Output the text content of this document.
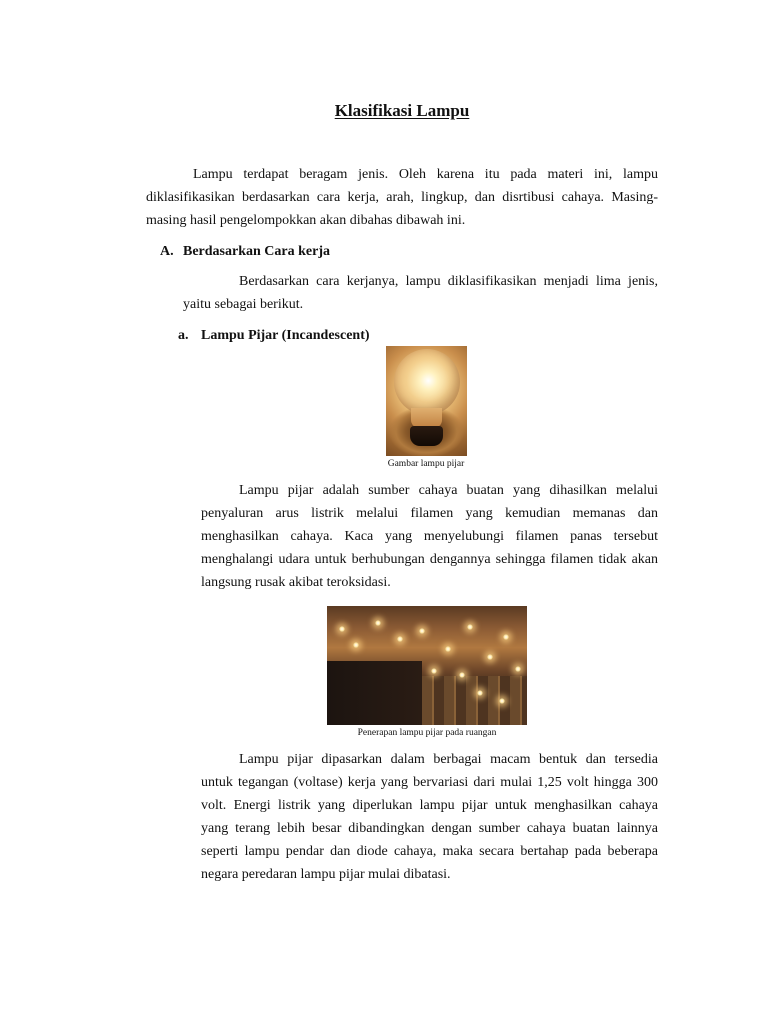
Klasifikasi Lampu
Lampu terdapat beragam jenis. Oleh karena itu pada materi ini, lampu
diklasifikasikan berdasarkan cara kerja, arah, lingkup, dan disrtibusi cahaya. Masing-
masing hasil pengelompokkan akan dibahas dibawah ini.
A. Berdasarkan Cara kerja
Berdasarkan cara kerjanya, lampu diklasifikasikan menjadi lima jenis,
yaitu sebagai berikut.
a. Lampu Pijar (Incandescent)
Gambar lampu pijar
Lampu pijar adalah sumber cahaya buatan yang dihasilkan melalui
penyaluran arus listrik melalui filamen yang kemudian memanas dan
menghasilkan cahaya. Kaca yang menyelubungi filamen panas tersebut
menghalangi udara untuk berhubungan dengannya sehingga filamen tidak akan
langsung rusak akibat teroksidasi.
Penerapan lampu pijar pada ruangan
Lampu pijar dipasarkan dalam berbagai macam bentuk dan tersedia
untuk tegangan (voltase) kerja yang bervariasi dari mulai 1,25 volt hingga 300
volt. Energi listrik yang diperlukan lampu pijar untuk menghasilkan cahaya
yang terang lebih besar dibandingkan dengan sumber cahaya buatan lainnya
seperti lampu pendar dan diode cahaya, maka secara bertahap pada beberapa
negara peredaran lampu pijar mulai dibatasi.
